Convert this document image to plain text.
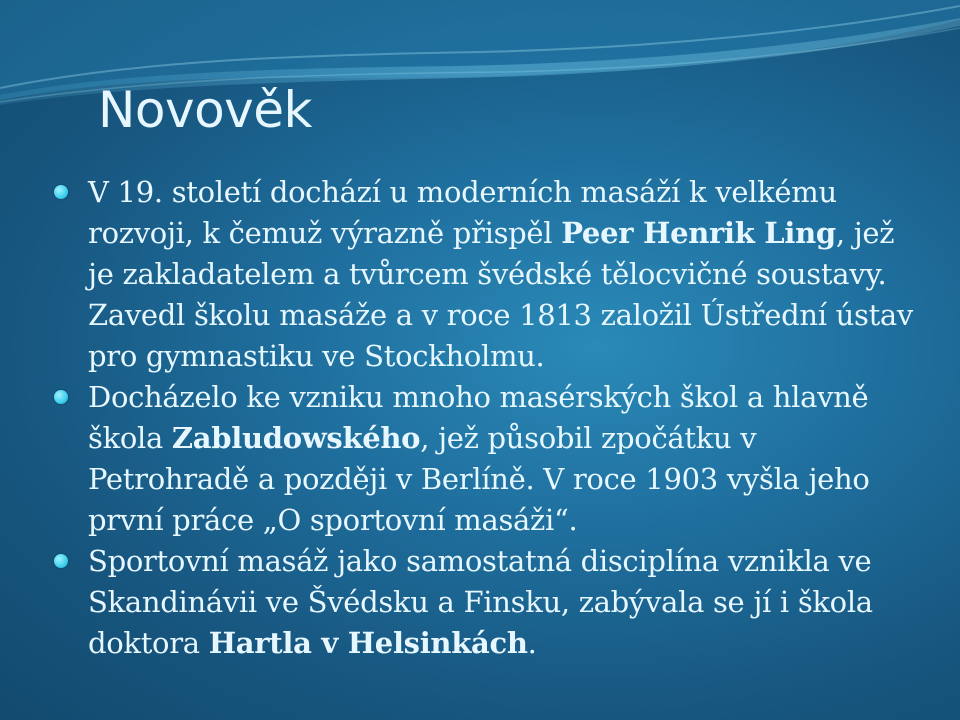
Novověk
V 19. století dochází u moderních masáží k velkému rozvoji, k čemuž výrazně přispěl Peer Henrik Ling, jež je zakladatelem a tvůrcem švédské tělocvičné soustavy. Zavedl školu masáže a v roce 1813 založil Ústřední ústav pro gymnastiku ve Stockholmu.
Docházelo ke vzniku mnoho masérských škol a hlavně škola Zabludowského, jež působil zpočátku v Petrohradě a později v Berlíně. V roce 1903 vyšla jeho první práce „O sportovní masáži“.
Sportovní masáž jako samostatná disciplína vznikla ve Skandinávii ve Švédsku a Finsku, zabývala se jí i škola doktora Hartla v Helsinkách.
